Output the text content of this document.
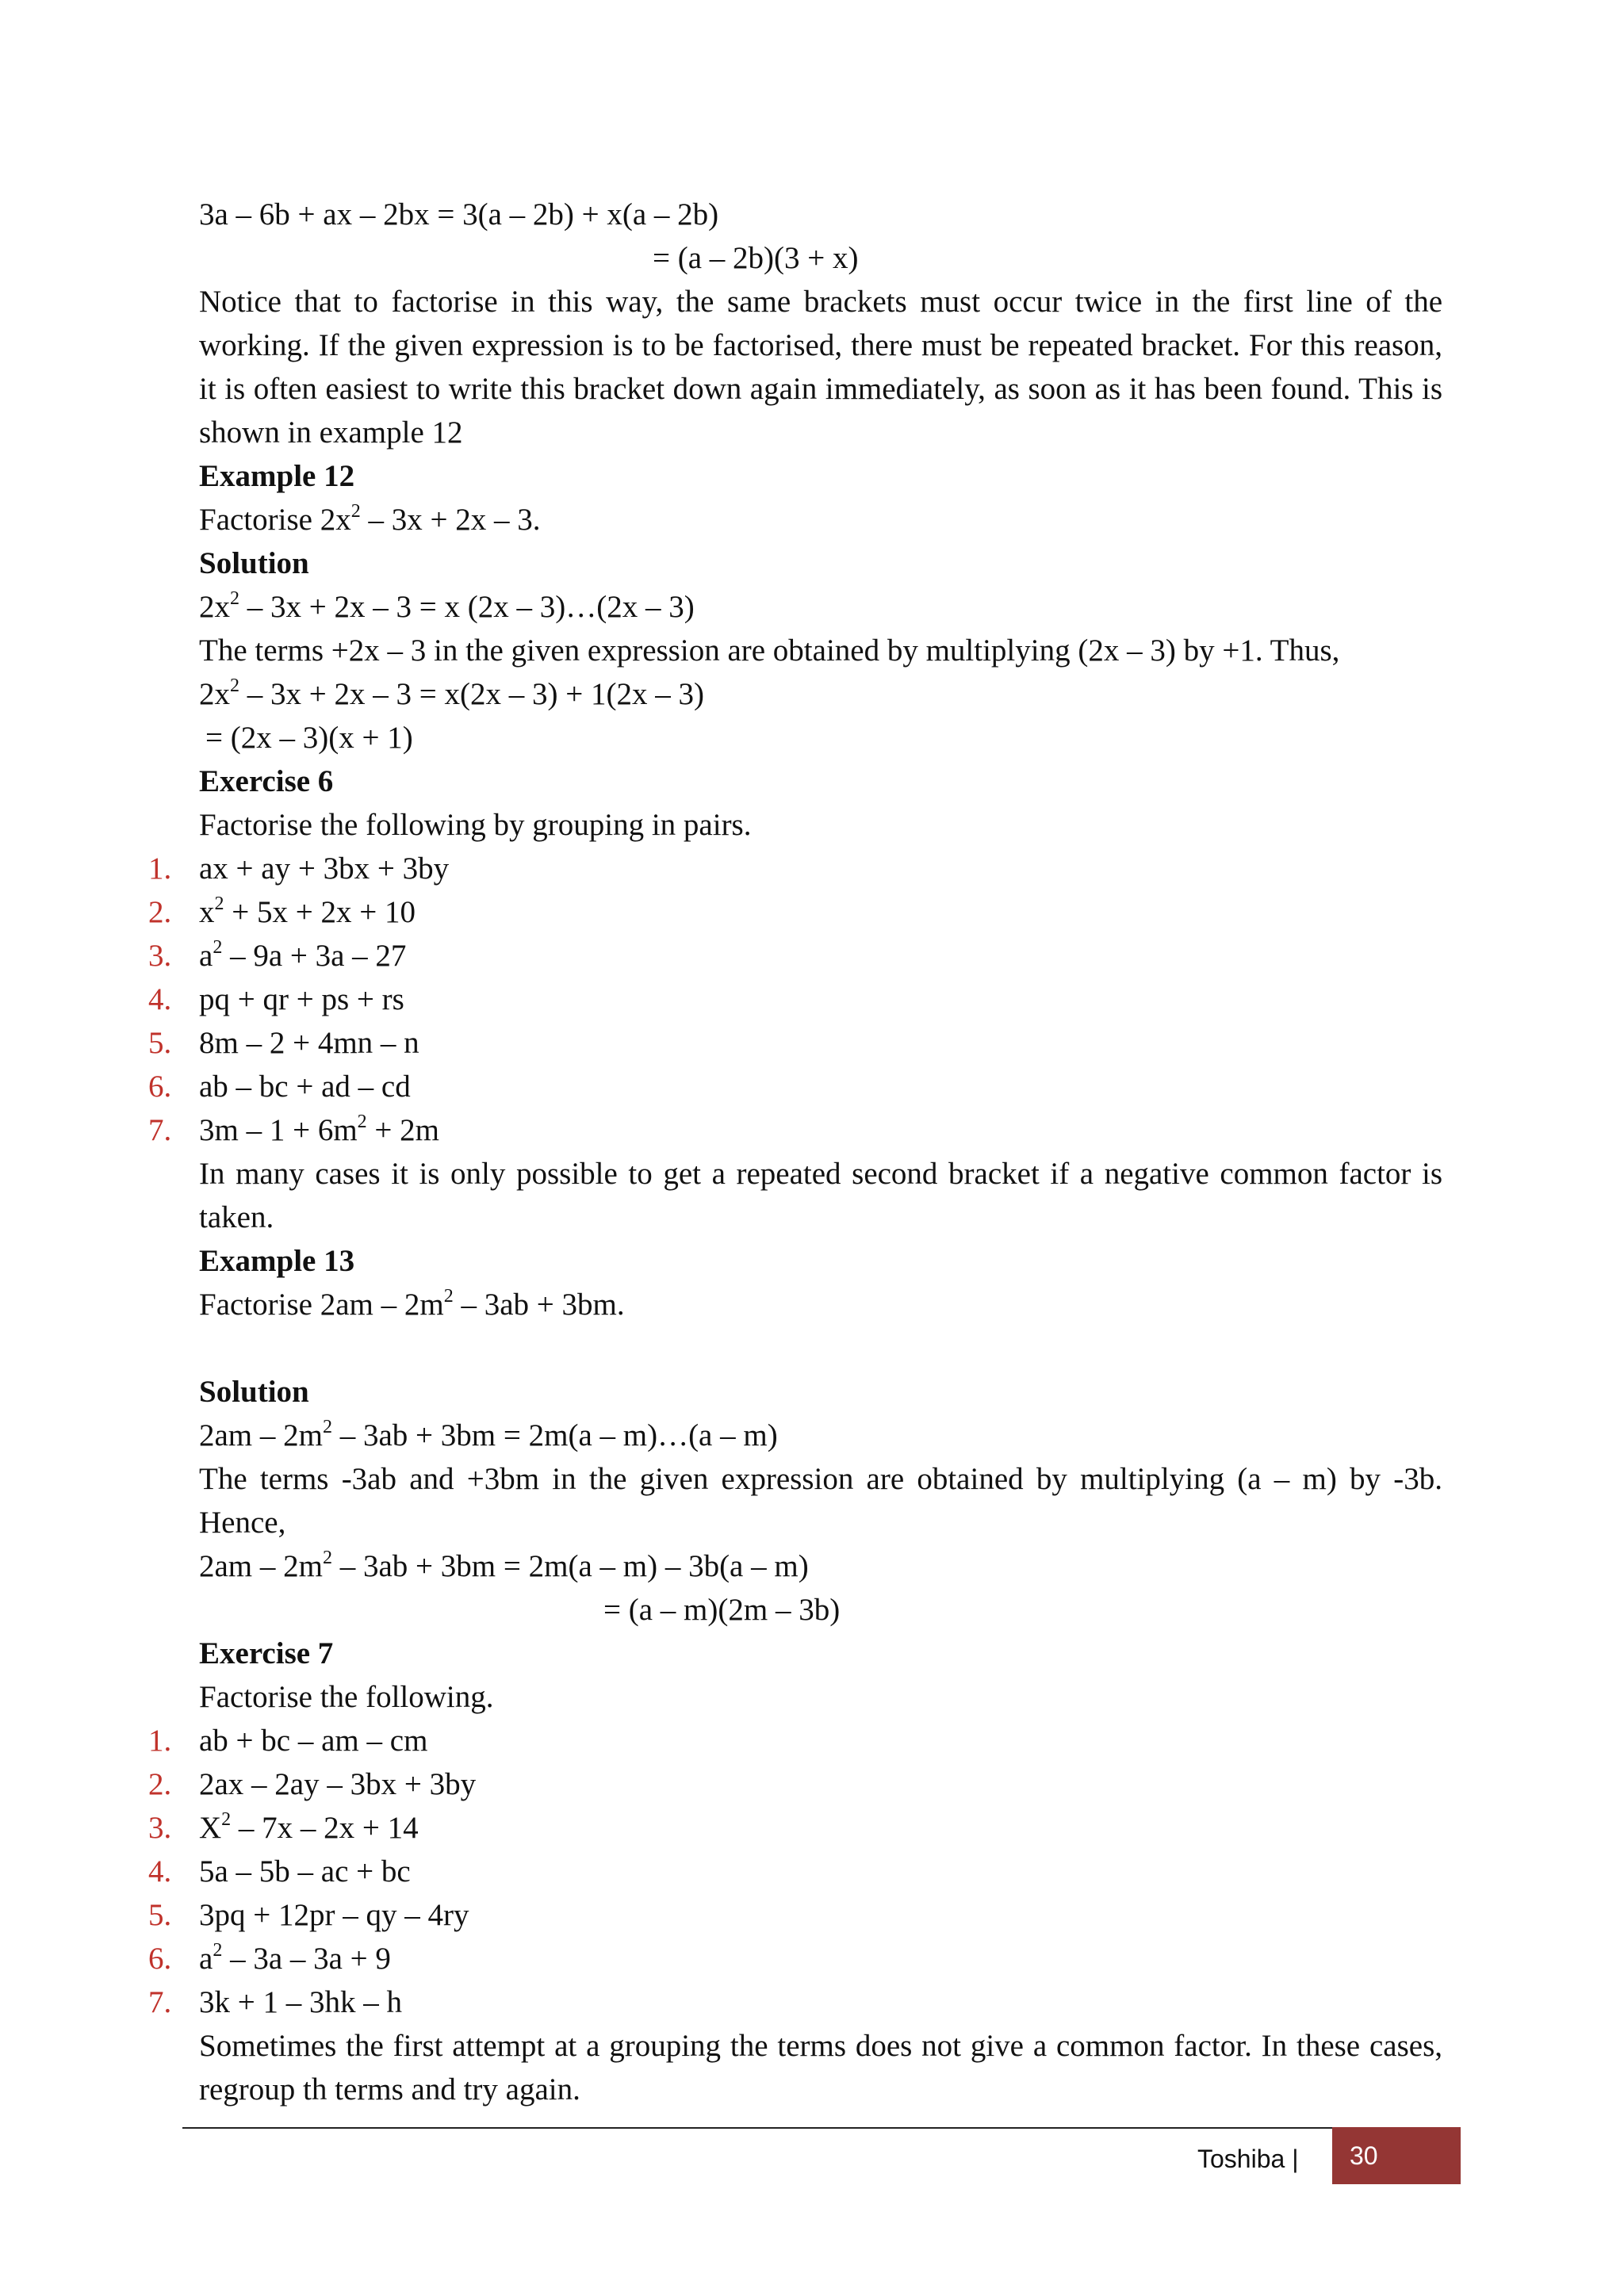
3a – 6b + ax – 2bx = 3(a – 2b) + x(a – 2b)
= (a – 2b)(3 + x)
Notice that to factorise in this way, the same brackets must occur twice in the first line of the working. If the given expression is to be factorised, there must be repeated bracket. For this reason, it is often easiest to write this bracket down again immediately, as soon as it has been found. This is shown in example 12
Example 12
Factorise $2x^2 - 3x + 2x - 3$.
Solution
$2x^2 - 3x + 2x - 3 = x$ (2x – 3)…(2x – 3)
The terms +2x – 3 in the given expression are obtained by multiplying (2x – 3) by +1. Thus,
$2x^2 - 3x + 2x - 3 = x(2x - 3) + 1(2x - 3)$
= (2x – 3)(x + 1)
Exercise 6
Factorise the following by grouping in pairs.
1. ax + ay + 3bx + 3by
2. $x^2 + 5x + 2x + 10$
3. $a^2 - 9a + 3a - 27$
4. pq + qr + ps + rs
5. 8m – 2 + 4mn – n
6. ab – bc + ad – cd
7. $3m - 1 + 6m^2 + 2m$
In many cases it is only possible to get a repeated second bracket if a negative common factor is taken.
Example 13
Factorise $2am - 2m^2 - 3ab + 3bm$.
Solution
$2am - 2m^2 - 3ab + 3bm = 2m(a$ – m)…(a – m)
The terms -3ab and +3bm in the given expression are obtained by multiplying (a – m) by -3b. Hence,
$2am - 2m^2 - 3ab + 3bm = 2m(a - m) - 3b(a - m)$
= (a – m)(2m – 3b)
Exercise 7
Factorise the following.
1. ab + bc – am – cm
2. 2ax – 2ay – 3bx + 3by
3. $X^2 - 7x - 2x + 14$
4. 5a – 5b – ac + bc
5. 3pq + 12pr – qy – 4ry
6. $a^2 - 3a - 3a + 9$
7. 3k + 1 – 3hk – h
Sometimes the first attempt at a grouping the terms does not give a common factor. In these cases, regroup th terms and try again.
Toshiba |	30
